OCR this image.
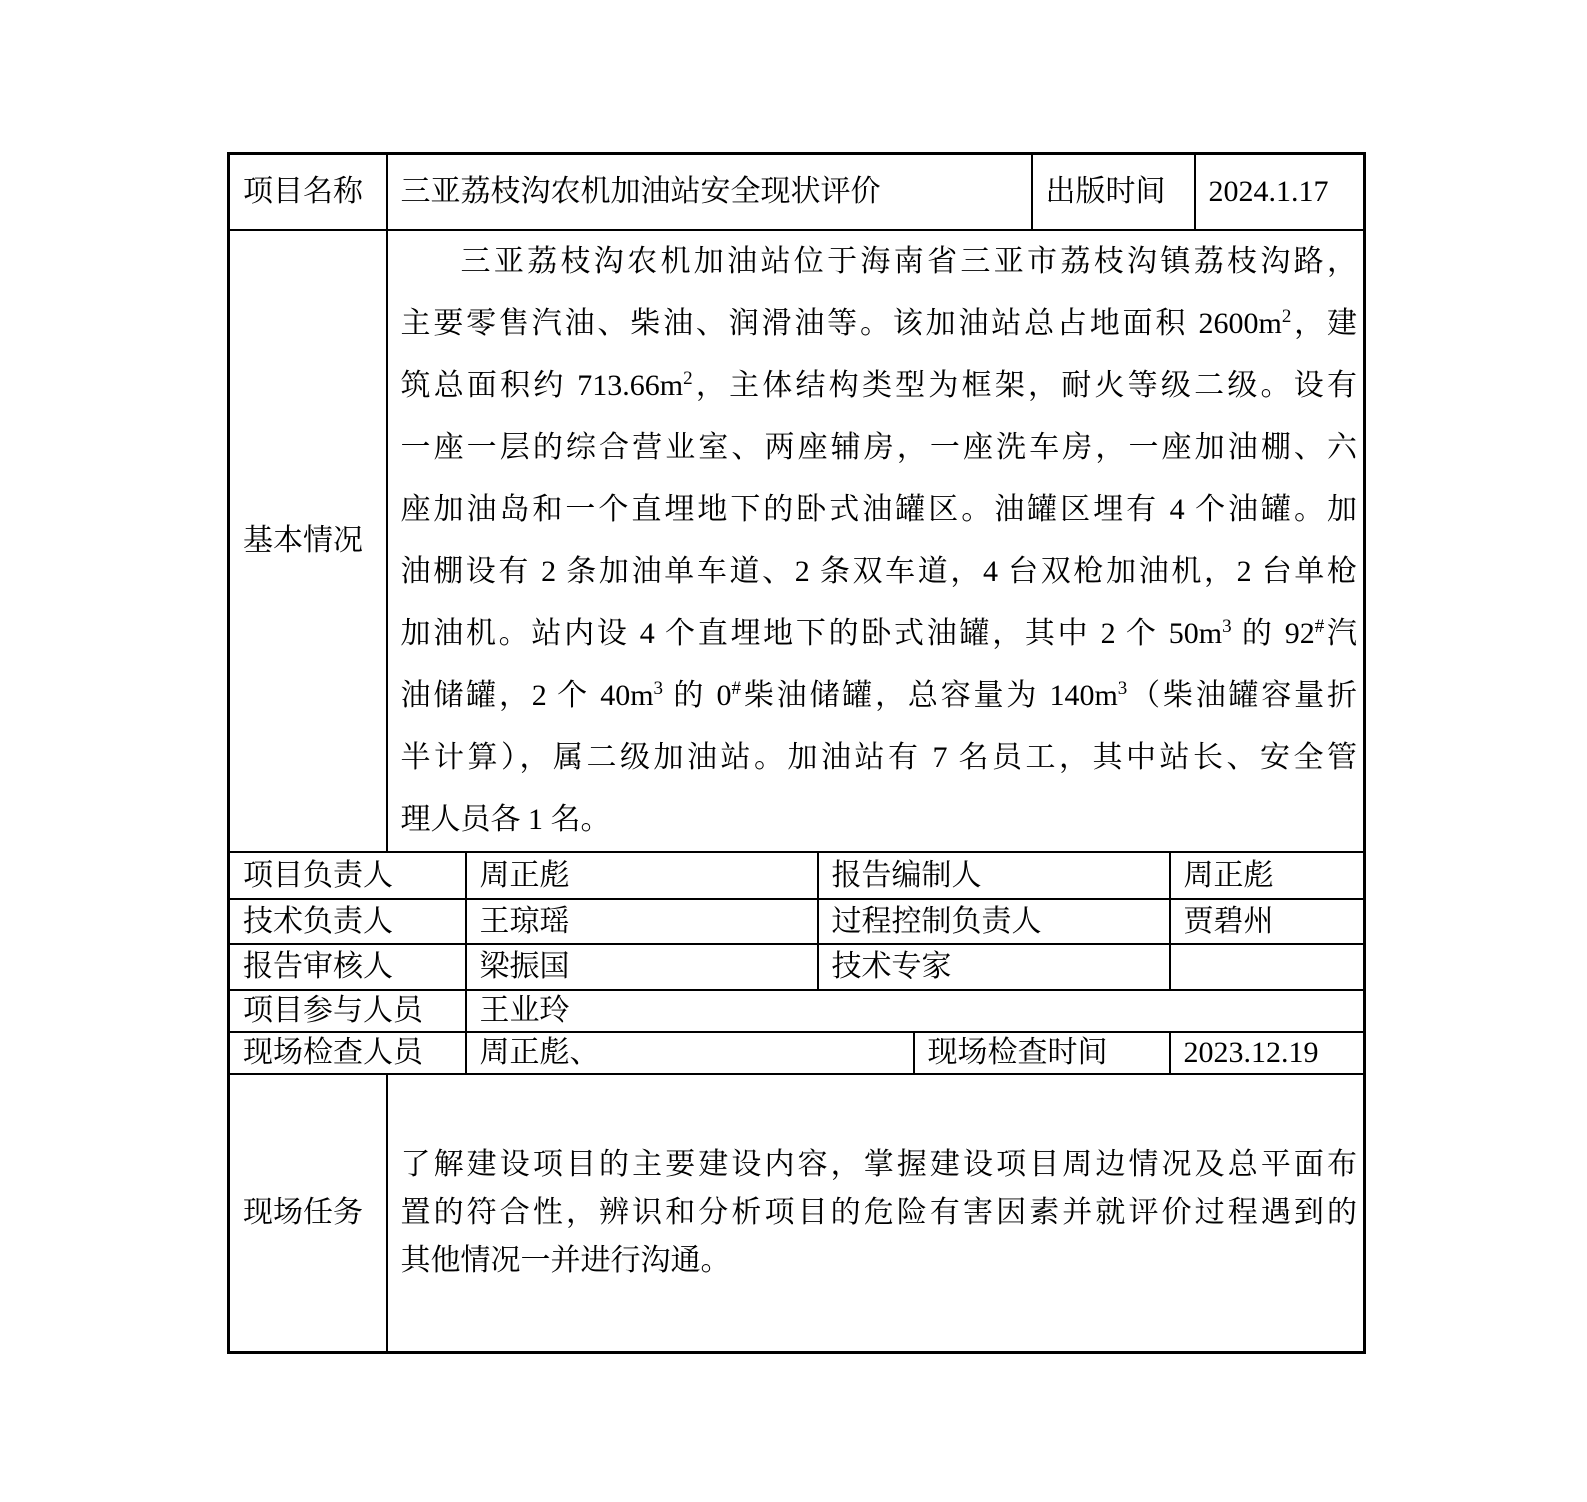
项目名称	三亚荔枝沟农机加油站安全现状评价				出版时间		2024.1.17
基本情况	
三亚荔枝沟农机加油站位于海南省三亚市荔枝沟镇荔枝沟路，
主要零售汽油、柴油、润滑油等。该加油站总占地面积 $2600m^2$，建
筑总面积约 $713.66m^2$，主体结构类型为框架，耐火等级二级。设有
一座一层的综合营业室、两座辅房，一座洗车房，一座加油棚、六
座加油岛和一个直埋地下的卧式油罐区。油罐区埋有 4 个油罐。加
油棚设有 2 条加油单车道、2 条双车道，4 台双枪加油机，2 台单枪
加油机。站内设 4 个直埋地下的卧式油罐，其中 2 个 $50m^3$ 的 92#汽
油储罐，2 个 $40m^3$ 的 0#柴油储罐，总容量为 $140m^3$（柴油罐容量折
半计算），属二级加油站。加油站有 7 名员工，其中站长、安全管
理人员各 1 名。

项目负责人		周正彪	报告编制人			周正彪	
技术负责人		王琼瑶	过程控制负责人			贾碧州	
报告审核人		梁振国	技术专家				
项目参与人员		王业玲					
现场检查人员		周正彪、		现场检查时间		2023.12.19	
现场任务	了解建设项目的主要建设内容，掌握建设项目周边情况及总平面布
置的符合性，辨识和分析项目的危险有害因素并就评价过程遇到的
其他情况一并进行沟通。						
